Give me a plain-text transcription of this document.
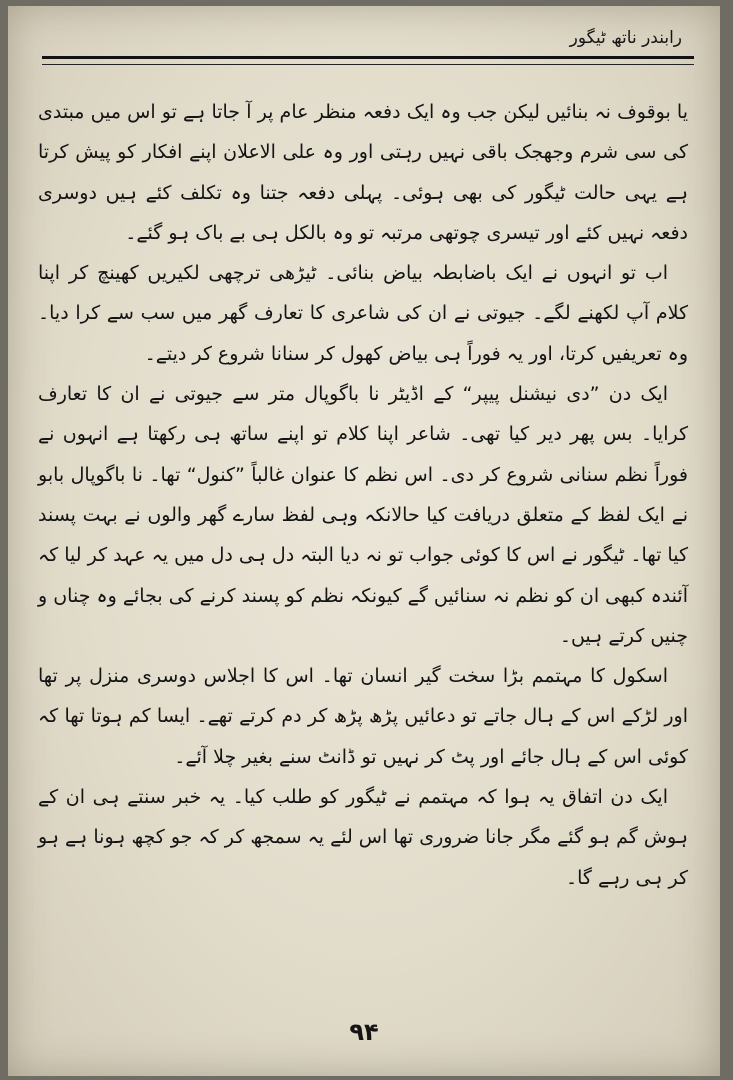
رابندر ناتھ ٹیگور

یا بوقوف نہ بنائیں لیکن جب وہ ایک دفعہ منظر عام پر آ جاتا ہے تو اس میں مبتدی کی سی شرم وجھجک باقی نہیں رہتی اور وہ علی الاعلان اپنے افکار کو پیش کرتا ہے یہی حالت ٹیگور کی بھی ہوئی۔ پہلی دفعہ جتنا وہ تکلف کئے ہیں دوسری دفعہ نہیں کئے اور تیسری چوتھی مرتبہ تو وہ بالکل ہی بے باک ہو گئے۔

اب تو انہوں نے ایک باضابطہ بیاض بنائی۔ ٹیڑھی ترچھی لکیریں کھینچ کر اپنا کلام آپ لکھنے لگے۔ جیوتی نے ان کی شاعری کا تعارف گھر میں سب سے کرا دیا۔ وہ تعریفیں کرتا، اور یہ فوراً ہی بیاض کھول کر سنانا شروع کر دیتے۔

ایک دن ”دی نیشنل پیپر“ کے اڈیٹر نا باگوپال متر سے جیوتی نے ان کا تعارف کرایا۔ بس پھر دیر کیا تھی۔ شاعر اپنا کلام تو اپنے ساتھ ہی رکھتا ہے انہوں نے فوراً نظم سنانی شروع کر دی۔ اس نظم کا عنوان غالباً ”کنول“ تھا۔ نا باگوپال بابو نے ایک لفظ کے متعلق دریافت کیا حالانکہ وہی لفظ سارے گھر والوں نے بہت پسند کیا تھا۔ ٹیگور نے اس کا کوئی جواب تو نہ دیا البتہ دل ہی دل میں یہ عہد کر لیا کہ آئندہ کبھی ان کو نظم نہ سنائیں گے کیونکہ نظم کو پسند کرنے کی بجائے وہ چناں و چنیں کرتے ہیں۔

اسکول کا مہتمم بڑا سخت گیر انسان تھا۔ اس کا اجلاس دوسری منزل پر تھا اور لڑکے اس کے ہال جاتے تو دعائیں پڑھ پڑھ کر دم کرتے تھے۔ ایسا کم ہوتا تھا کہ کوئی اس کے ہال جائے اور پٹ کر نہیں تو ڈانٹ سنے بغیر چلا آئے۔

ایک دن اتفاق یہ ہوا کہ مہتمم نے ٹیگور کو طلب کیا۔ یہ خبر سنتے ہی ان کے ہوش گم ہو گئے مگر جانا ضروری تھا اس لئے یہ سمجھ کر کہ جو کچھ ہونا ہے ہو کر ہی رہے گا۔

۹۴
